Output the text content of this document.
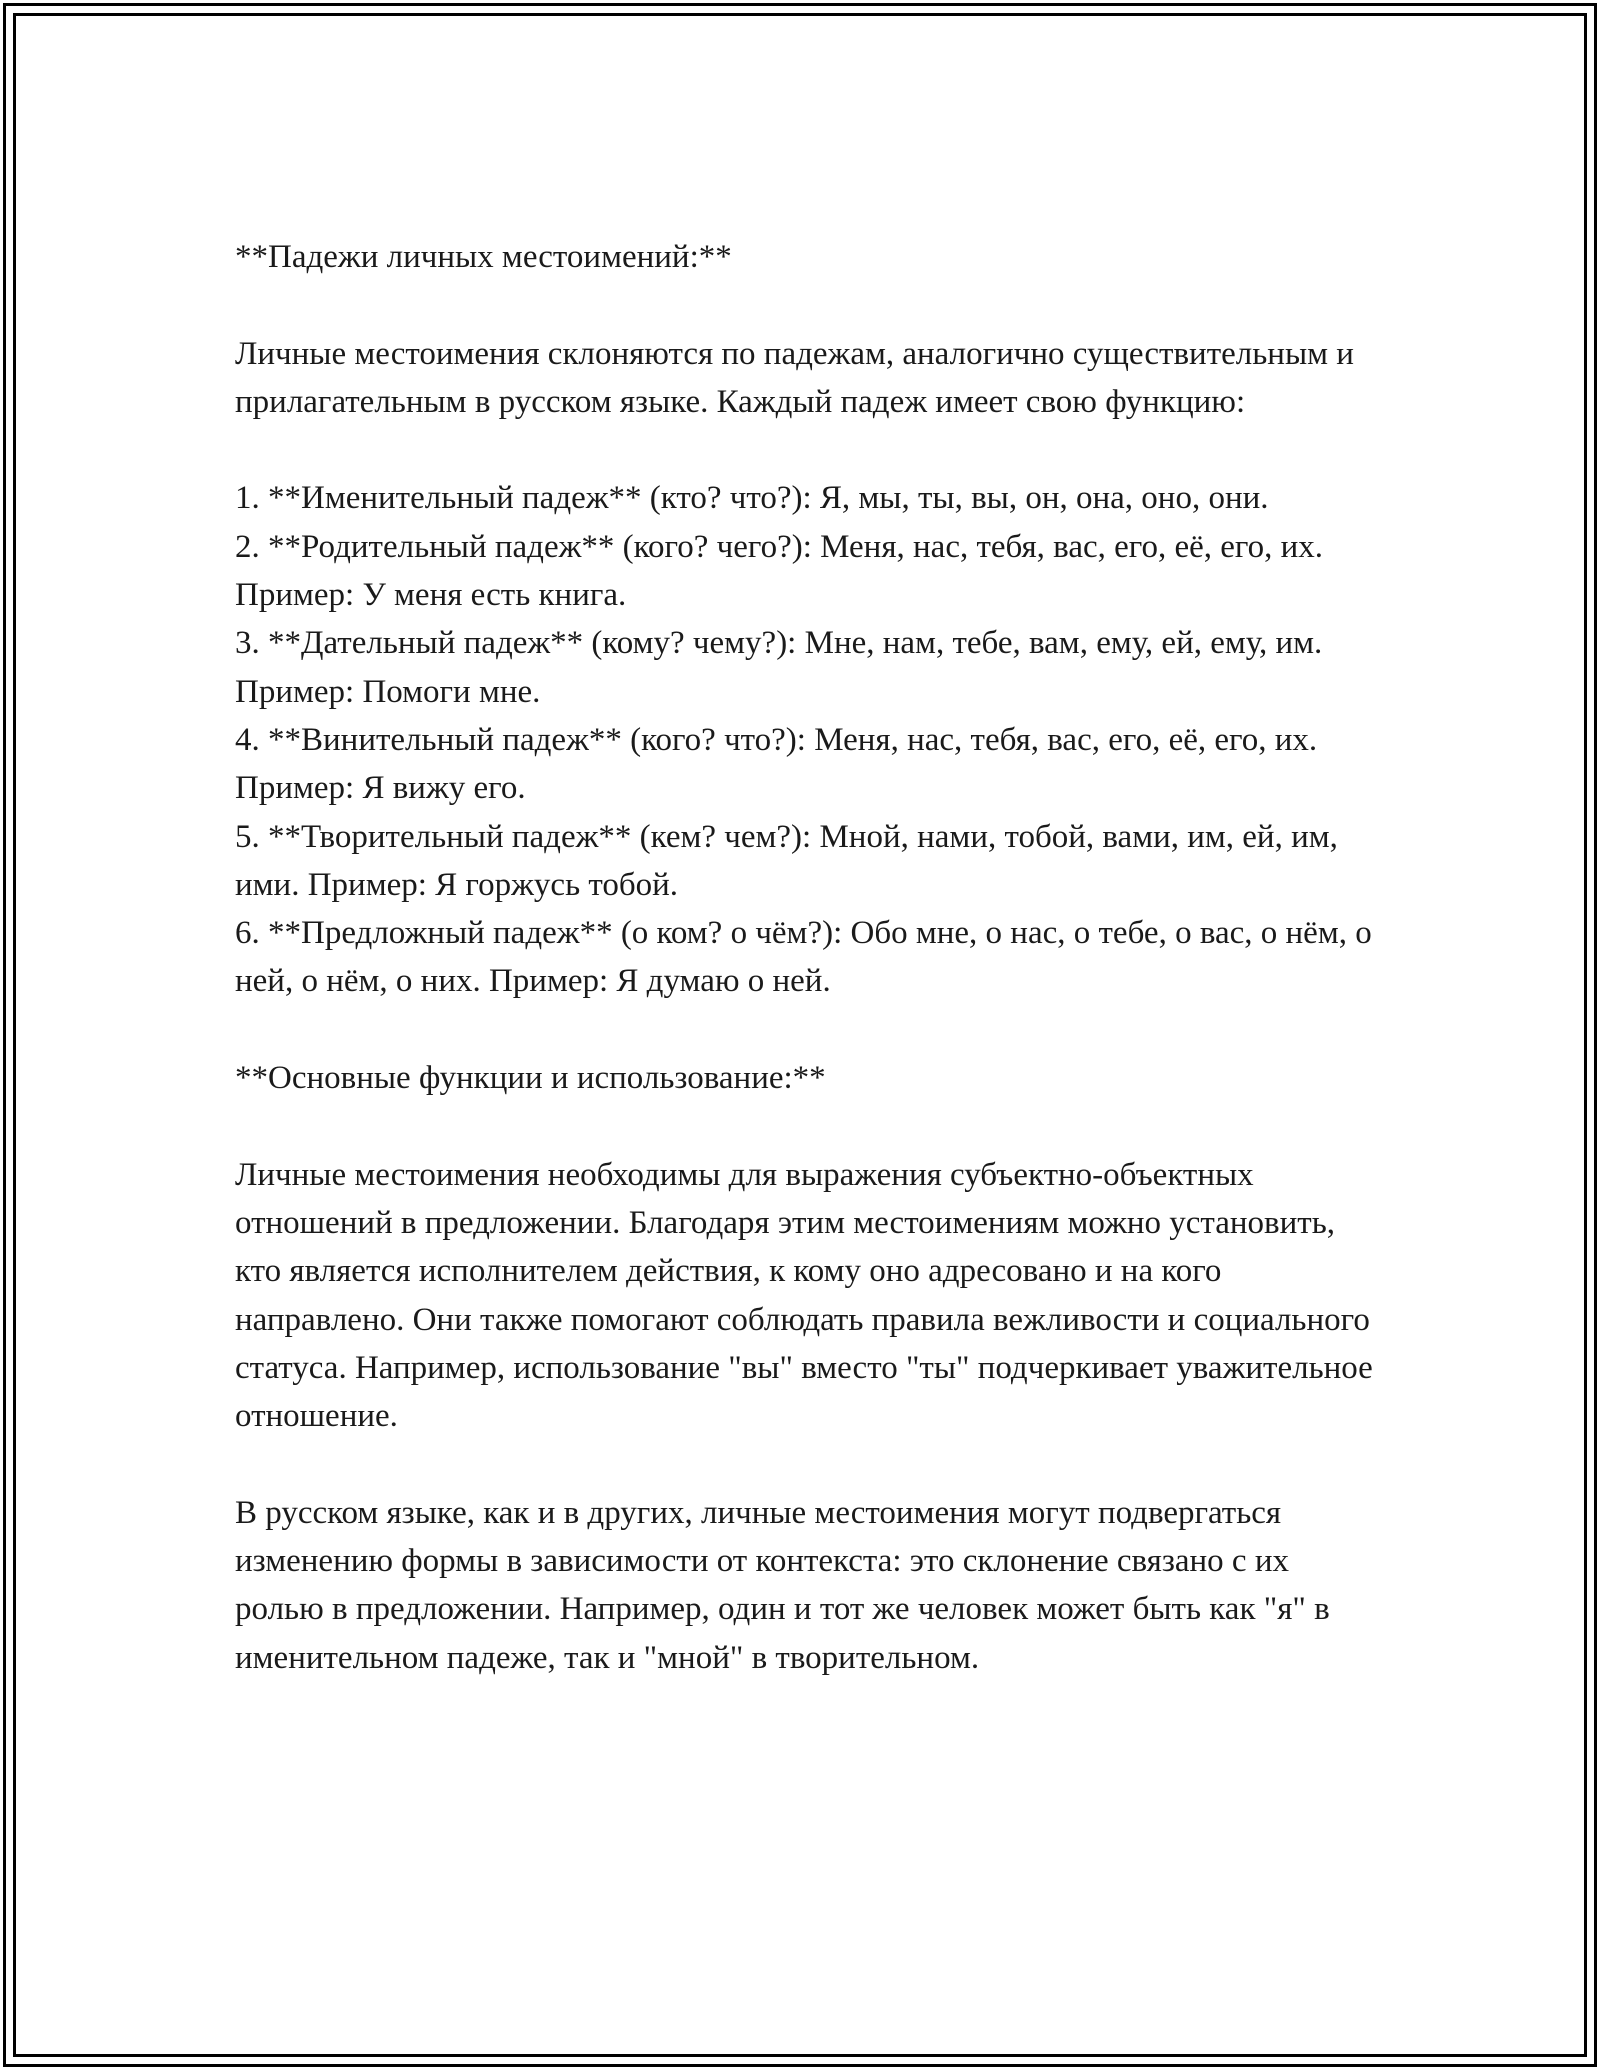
**Падежи личных местоимений:**

Личные местоимения склоняются по падежам, аналогично существительным и прилагательным в русском языке. Каждый падеж имеет свою функцию:

1. **Именительный падеж** (кто? что?): Я, мы, ты, вы, он, она, оно, они.
2. **Родительный падеж** (кого? чего?): Меня, нас, тебя, вас, его, её, его, их. Пример: У меня есть книга.
3. **Дательный падеж** (кому? чему?): Мне, нам, тебе, вам, ему, ей, ему, им. Пример: Помоги мне.
4. **Винительный падеж** (кого? что?): Меня, нас, тебя, вас, его, её, его, их. Пример: Я вижу его.
5. **Творительный падеж** (кем? чем?): Мной, нами, тобой, вами, им, ей, им, ими. Пример: Я горжусь тобой.
6. **Предложный падеж** (о ком? о чём?): Обо мне, о нас, о тебе, о вас, о нём, о ней, о нём, о них. Пример: Я думаю о ней.

**Основные функции и использование:**

Личные местоимения необходимы для выражения субъектно-объектных отношений в предложении. Благодаря этим местоимениям можно установить, кто является исполнителем действия, к кому оно адресовано и на кого направлено. Они также помогают соблюдать правила вежливости и социального статуса. Например, использование "вы" вместо "ты" подчеркивает уважительное отношение.

В русском языке, как и в других, личные местоимения могут подвергаться изменению формы в зависимости от контекста: это склонение связано с их ролью в предложении. Например, один и тот же человек может быть как "я" в именительном падеже, так и "мной" в творительном.
